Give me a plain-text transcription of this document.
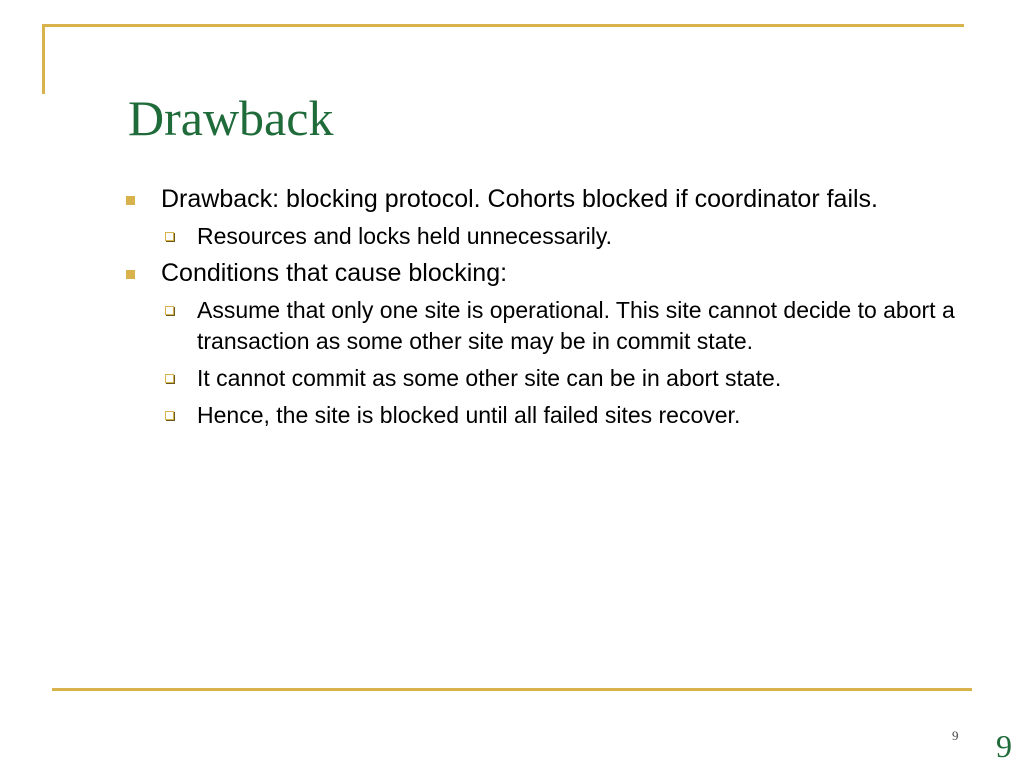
Drawback
Drawback: blocking protocol. Cohorts blocked if coordinator fails.
Resources and locks held unnecessarily.
Conditions that cause blocking:
Assume that only one site is operational. This site cannot decide to abort a transaction as some other site may be in commit state.
It cannot commit as some other site can be in abort state.
Hence, the site is blocked until all failed sites recover.
9 9
